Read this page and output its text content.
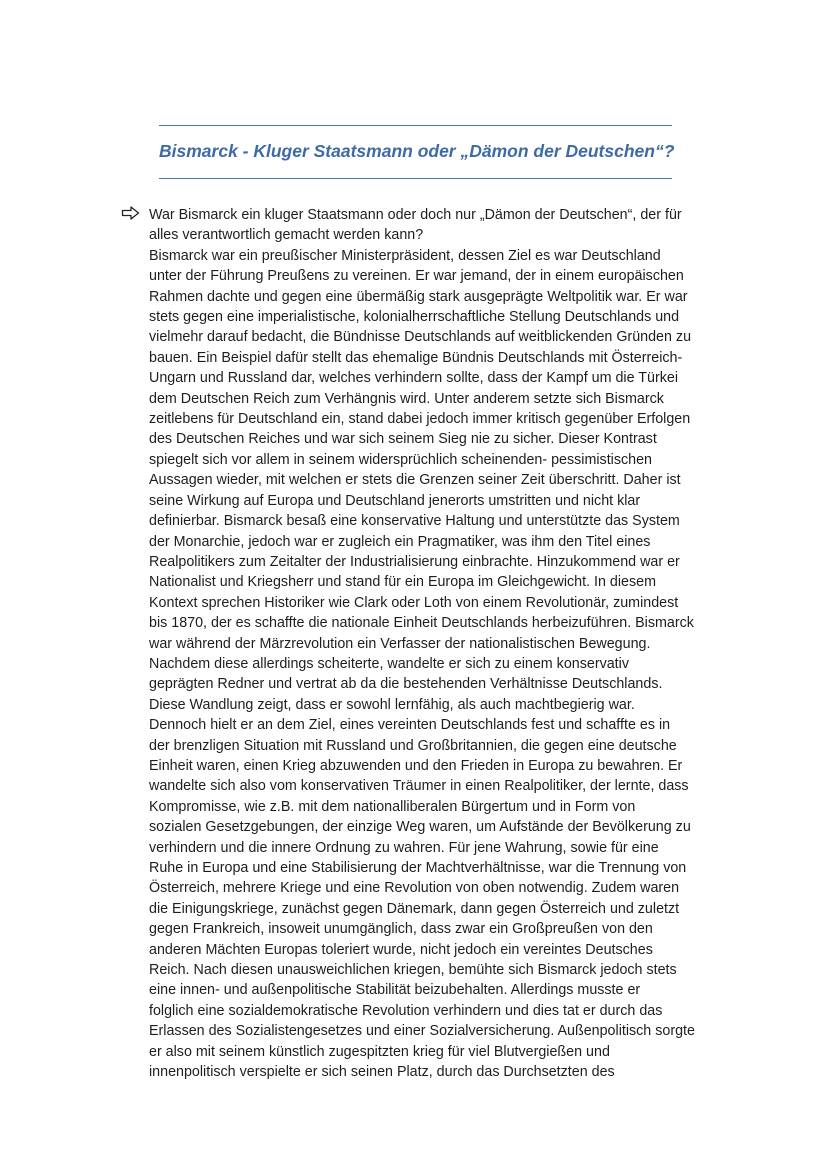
Bismarck - Kluger Staatsmann oder „Dämon der Deutschen“?
War Bismarck ein kluger Staatsmann oder doch nur „Dämon der Deutschen“, der für
alles verantwortlich gemacht werden kann?
Bismarck war ein preußischer Ministerpräsident, dessen Ziel es war Deutschland
unter der Führung Preußens zu vereinen. Er war jemand, der in einem europäischen
Rahmen dachte und gegen eine übermäßig stark ausgeprägte Weltpolitik war. Er war
stets gegen eine imperialistische, kolonialherrschaftliche Stellung Deutschlands und
vielmehr darauf bedacht, die Bündnisse Deutschlands auf weitblickenden Gründen zu
bauen. Ein Beispiel dafür stellt das ehemalige Bündnis Deutschlands mit Österreich-
Ungarn und Russland dar, welches verhindern sollte, dass der Kampf um die Türkei
dem Deutschen Reich zum Verhängnis wird. Unter anderem setzte sich Bismarck
zeitlebens für Deutschland ein, stand dabei jedoch immer kritisch gegenüber Erfolgen
des Deutschen Reiches und war sich seinem Sieg nie zu sicher. Dieser Kontrast
spiegelt sich vor allem in seinem widersprüchlich scheinenden- pessimistischen
Aussagen wieder, mit welchen er stets die Grenzen seiner Zeit überschritt. Daher ist
seine Wirkung auf Europa und Deutschland jenerorts umstritten und nicht klar
definierbar. Bismarck besaß eine konservative Haltung und unterstützte das System
der Monarchie, jedoch war er zugleich ein Pragmatiker, was ihm den Titel eines
Realpolitikers zum Zeitalter der Industrialisierung einbrachte. Hinzukommend war er
Nationalist und Kriegsherr und stand für ein Europa im Gleichgewicht. In diesem
Kontext sprechen Historiker wie Clark oder Loth von einem Revolutionär, zumindest
bis 1870, der es schaffte die nationale Einheit Deutschlands herbeizuführen. Bismarck
war während der Märzrevolution ein Verfasser der nationalistischen Bewegung.
Nachdem diese allerdings scheiterte, wandelte er sich zu einem konservativ
geprägten Redner und vertrat ab da die bestehenden Verhältnisse Deutschlands.
Diese Wandlung zeigt, dass er sowohl lernfähig, als auch machtbegierig war.
Dennoch hielt er an dem Ziel, eines vereinten Deutschlands fest und schaffte es in
der brenzligen Situation mit Russland und Großbritannien, die gegen eine deutsche
Einheit waren, einen Krieg abzuwenden und den Frieden in Europa zu bewahren. Er
wandelte sich also vom konservativen Träumer in einen Realpolitiker, der lernte, dass
Kompromisse, wie z.B. mit dem nationalliberalen Bürgertum und in Form von
sozialen Gesetzgebungen, der einzige Weg waren, um Aufstände der Bevölkerung zu
verhindern und die innere Ordnung zu wahren. Für jene Wahrung, sowie für eine
Ruhe in Europa und eine Stabilisierung der Machtverhältnisse, war die Trennung von
Österreich, mehrere Kriege und eine Revolution von oben notwendig. Zudem waren
die Einigungskriege, zunächst gegen Dänemark, dann gegen Österreich und zuletzt
gegen Frankreich, insoweit unumgänglich, dass zwar ein Großpreußen von den
anderen Mächten Europas toleriert wurde, nicht jedoch ein vereintes Deutsches
Reich. Nach diesen unausweichlichen kriegen, bemühte sich Bismarck jedoch stets
eine innen- und außenpolitische Stabilität beizubehalten. Allerdings musste er
folglich eine sozialdemokratische Revolution verhindern und dies tat er durch das
Erlassen des Sozialistengesetzes und einer Sozialversicherung. Außenpolitisch sorgte
er also mit seinem künstlich zugespitzten krieg für viel Blutvergießen und
innenpolitisch verspielte er sich seinen Platz, durch das Durchsetzten des
